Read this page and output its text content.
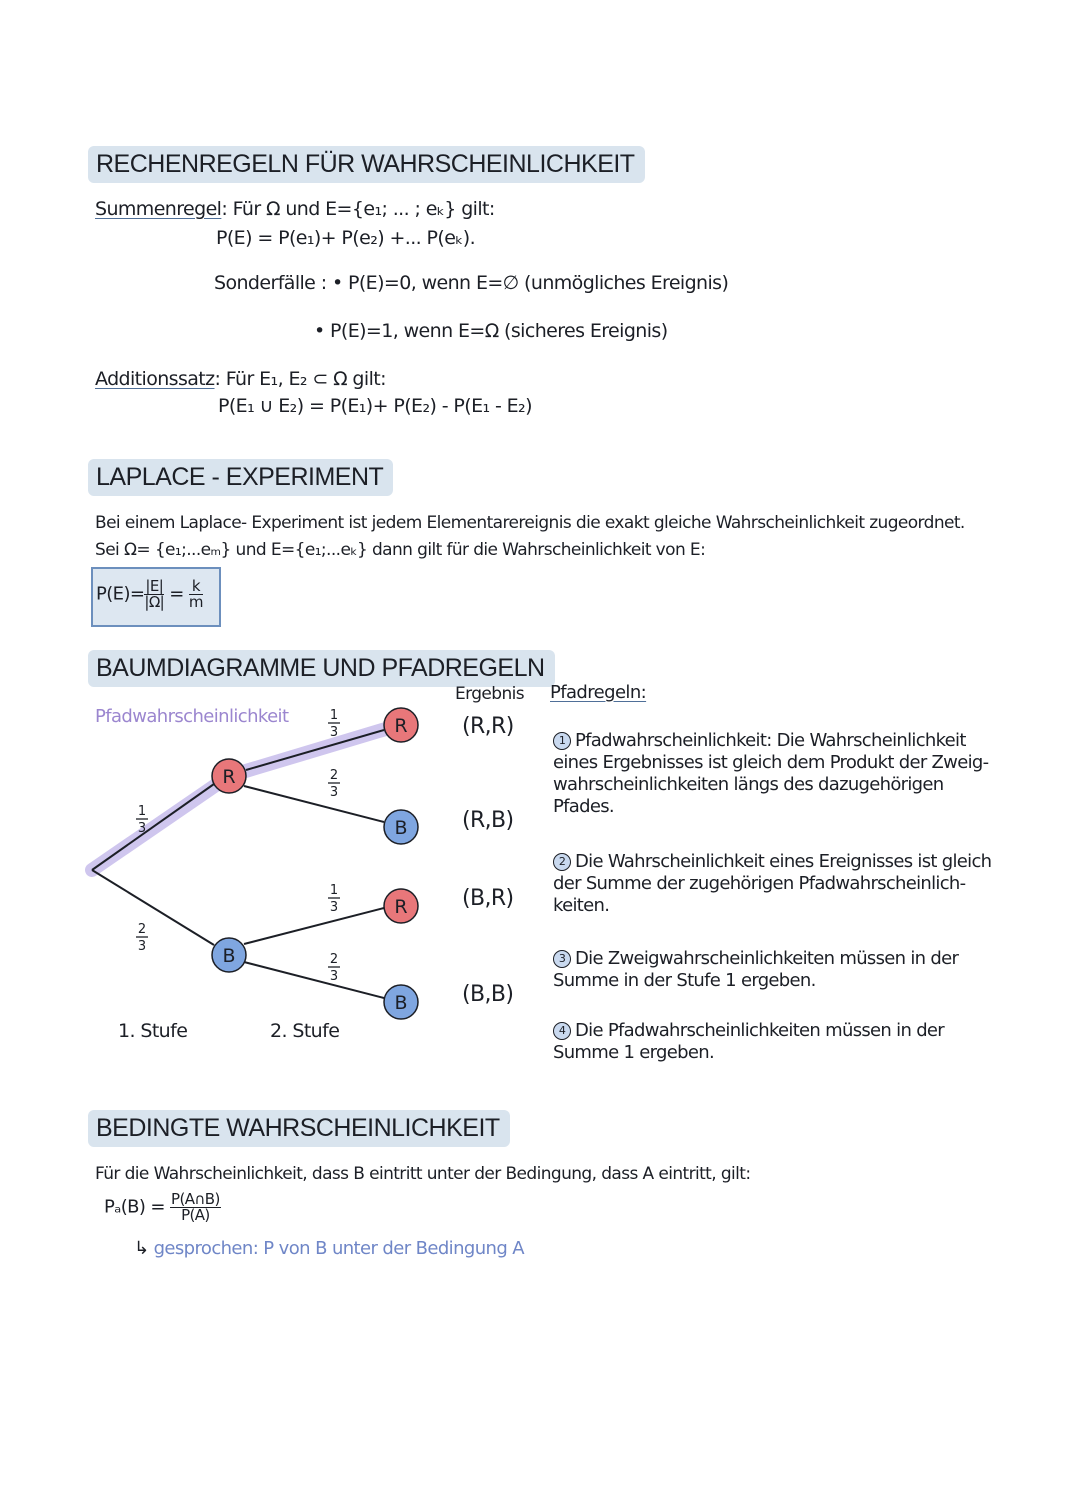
RECHENREGELN FÜR WAHRSCHEINLICHKEIT
Summenregel: Für Ω und E={e₁; ... ; eₖ} gilt:
P(E) = P(e₁)+ P(e₂) +... P(eₖ).
Sonderfälle : • P(E)=0, wenn E=∅ (unmögliches Ereignis)
• P(E)=1, wenn E=Ω (sicheres Ereignis)
Additionssatz: Für E₁, E₂ ⊂ Ω gilt:
P(E₁ ∪ E₂) = P(E₁)+ P(E₂) - P(E₁ - E₂)
LAPLACE - EXPERIMENT
Bei einem Laplace- Experiment ist jedem Elementarereignis die exakt gleiche Wahrscheinlichkeit zugeordnet.
Sei Ω= {e₁;...eₘ} und E={e₁;...eₖ} dann gilt für die Wahrscheinlichkeit von E:
$P(E)= \frac{|E|}{|\Omega|} = \frac{k}{m}$
BAUMDIAGRAMME UND PFADREGELN
Pfadwahrscheinlichkeit
R
B
R
B
R
B
1
3
2
3
1
3
2
3
1
3
2
3
Ergebnis
(R,R)
(R,B)
(B,R)
(B,B)
1. Stufe	2. Stufe
Pfadregeln:
1 Pfadwahrscheinlichkeit: Die Wahrscheinlichkeit eines Ergebnisses ist gleich dem Produkt der Zweig-wahrscheinlichkeiten längs des dazugehörigen Pfades.
2 Die Wahrscheinlichkeit eines Ereignisses ist gleich der Summe der zugehörigen Pfadwahrscheinlich-keiten.
3 Die Zweigwahrscheinlichkeiten müssen in der Summe in der Stufe 1 ergeben.
4 Die Pfadwahrscheinlichkeiten müssen in der Summe 1 ergeben.
BEDINGTE WAHRSCHEINLICHKEIT
Für die Wahrscheinlichkeit, dass B eintritt unter der Bedingung, dass A eintritt, gilt:
$P_a(B) = \frac{P(A\cap B)}{P(A)}$
↳ gesprochen: P von B unter der Bedingung A
